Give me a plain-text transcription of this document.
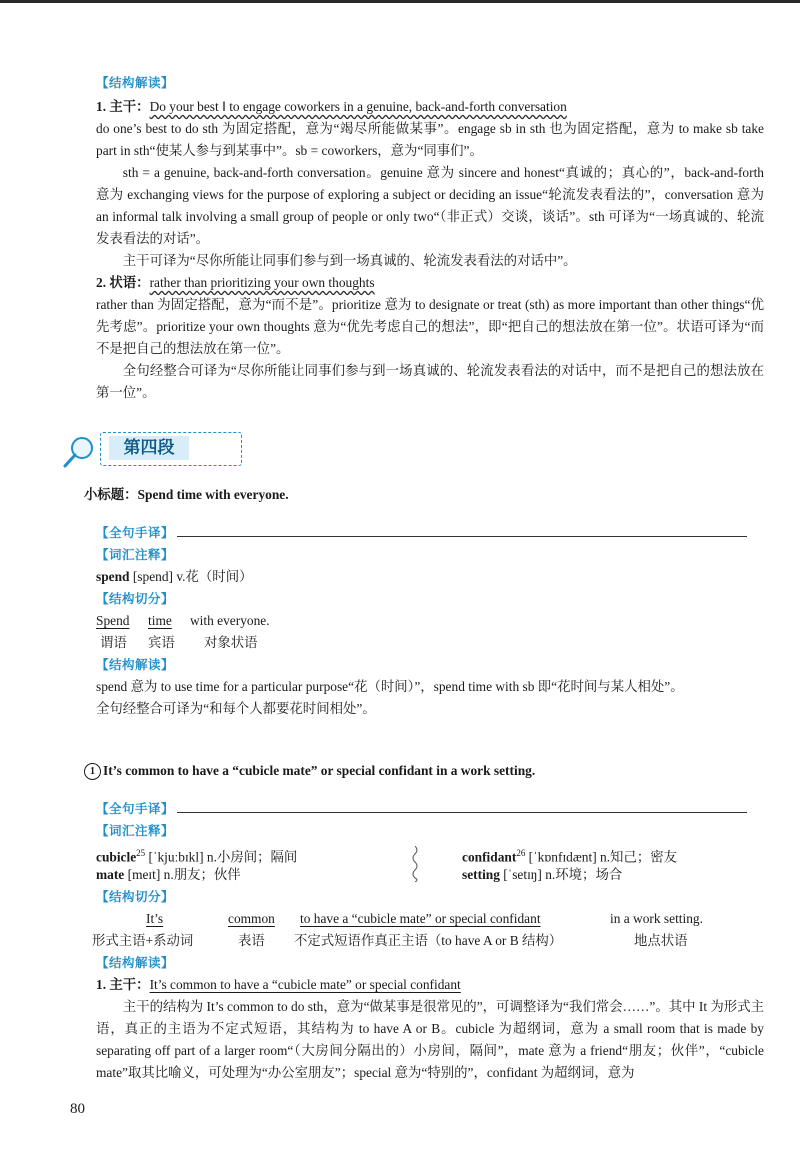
【结构解读】
1. 主干：Do your best ‖ to engage coworkers in a genuine, back-and-forth conversation

do one’s best to do sth 为固定搭配，意为“竭尽所能做某事”。engage sb in sth 也为固定搭配，意为 to make sb take part in sth“使某人参与到某事中”。sb = coworkers，意为“同事们”。

sth = a genuine, back-and-forth conversation。genuine 意为 sincere and honest“真诚的；真心的”，back-and-forth 意为 exchanging views for the purpose of exploring a subject or deciding an issue“轮流发表看法的”，conversation 意为 an informal talk involving a small group of people or only two“（非正式）交谈，谈话”。sth 可译为“一场真诚的、轮流发表看法的对话”。

主干可译为“尽你所能让同事们参与到一场真诚的、轮流发表看法的对话中”。

2. 状语：rather than prioritizing your own thoughts

rather than 为固定搭配，意为“而不是”。prioritize 意为 to designate or treat (sth) as more important than other things“优先考虑”。prioritize your own thoughts 意为“优先考虑自己的想法”，即“把自己的想法放在第一位”。状语可译为“而不是把自己的想法放在第一位”。

全句经整合可译为“尽你所能让同事们参与到一场真诚的、轮流发表看法的对话中，而不是把自己的想法放在第一位”。

第四段
小标题：Spend time with everyone.
【全句手译】
【词汇注释】
spend [spend] v.花（时间）
【结构切分】
Spend
谓语
time
宾语
with everyone.
对象状语
【结构解读】

spend 意为 to use time for a particular purpose“花（时间）”，spend time with sb 即“花时间与某人相处”。

全句经整合可译为“和每个人都要花时间相处”。

1 It’s common to have a “cubicle mate” or special confidant in a work setting.
【全句手译】
【词汇注释】
cubicle$^{25}$ [ˈkjuːbɪkl] n.小房间；隔间
mate [meɪt] n.朋友；伙伴
confidant$^{26}$ [ˈkɒnfɪdænt] n.知己；密友
setting [ˈsetɪŋ] n.环境；场合
【结构切分】
It’s
形式主语+系动词
common
表语
to have a “cubicle mate” or special confidant
不定式短语作真正主语（to have A or B 结构）
in a work setting.
地点状语
【结构解读】
1. 主干：It’s common to have a “cubicle mate” or special confidant

主干的结构为 It’s common to do sth，意为“做某事是很常见的”，可调整译为“我们常会……”。其中 It 为形式主语，真正的主语为不定式短语，其结构为 to have A or B。cubicle 为超纲词，意为 a small room that is made by separating off part of a larger room“（大房间分隔出的）小房间，隔间”，mate 意为 a friend“朋友；伙伴”，“cubicle mate”取其比喻义，可处理为“办公室朋友”；special 意为“特别的”，confidant 为超纲词，意为

80
